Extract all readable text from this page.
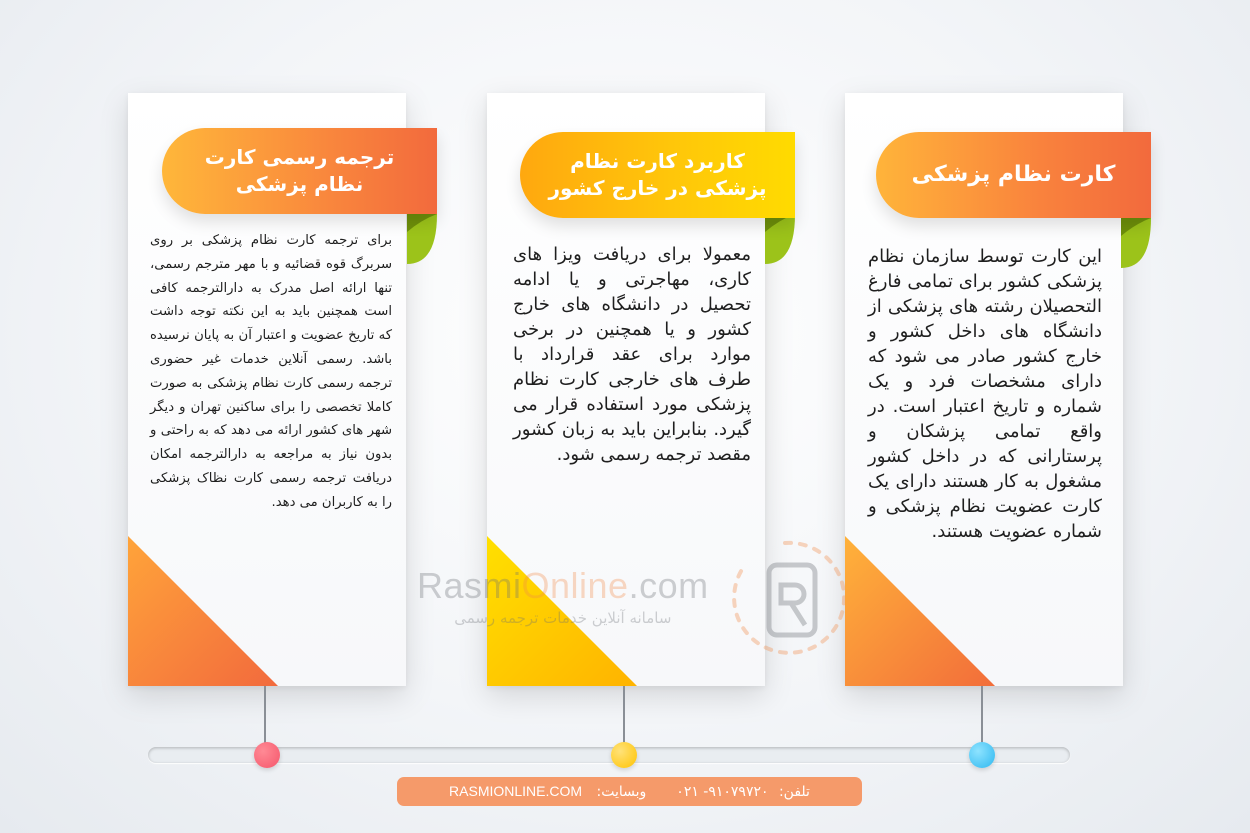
کارت نظام پزشکی
این کارت توسط سازمان نظام پزشکی کشور برای تمامی فارغ التحصیلان رشته های پزشکی از دانشگاه های داخل کشور و خارج کشور صادر می شود که دارای مشخصات فرد و یک شماره و تاریخ اعتبار است. در واقع تمامی پزشکان و پرستارانی که در داخل کشور مشغول به کار هستند دارای یک کارت عضویت نظام پزشکی و شماره عضویت هستند.
کاربرد کارت نظام پزشکی در خارج کشور
معمولا برای دریافت ویزا های کاری، مهاجرتی و یا ادامه تحصیل در دانشگاه های خارج کشور و یا همچنین در برخی موارد برای عقد قرارداد با طرف های خارجی کارت نظام پزشکی مورد استفاده قرار می گیرد. بنابراین باید به زبان کشور مقصد ترجمه رسمی شود.
ترجمه رسمی کارت نظام پزشکی
برای ترجمه کارت نظام پزشکی بر روی سربرگ قوه قضائیه و با مهر مترجم رسمی، تنها ارائه اصل مدرک به دارالترجمه کافی است همچنین باید به این نکته توجه داشت که تاریخ عضویت و اعتبار آن به پایان نرسیده باشد. رسمی آنلاین خدمات غیر حضوری ترجمه رسمی کارت نظام پزشکی به صورت کاملا تخصصی را برای ساکنین تهران و دیگر شهر های کشور ارائه می دهد که به راحتی و بدون نیاز به مراجعه به دارالترجمه امکان دریافت ترجمه رسمی کارت نظاک پزشکی را به کاربران می دهد.
RasmiOnline.com
سامانه آنلاین خدمات ترجمه رسمی
تلفن: ۰۲۱ -۹۱۰۷۹۷۲۰
وبسایت: RASMIONLINE.COM
